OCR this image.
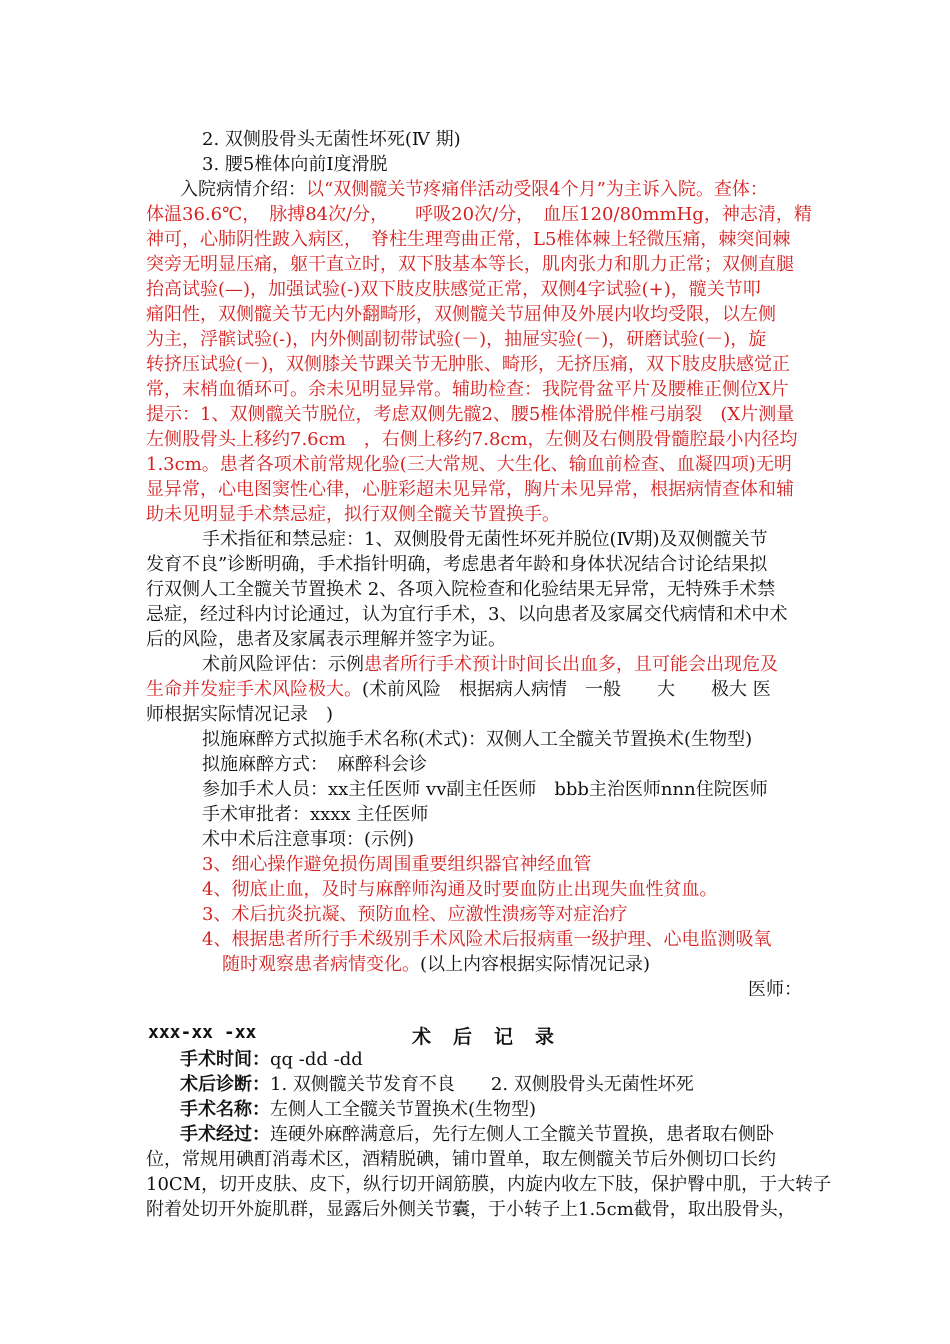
2. 双侧股骨头无菌性坏死(Ⅳ 期)
3. 腰5椎体向前Ⅰ度滑脱
入院病情介绍：以“双侧髋关节疼痛伴活动受限4个月”为主诉入院。查体：
体温36.6℃，　脉搏84次/分，　　呼吸20次/分，　血压120/80mmHg，神志清，精
神可，心肺阴性跛入病区，　脊柱生理弯曲正常，L5椎体棘上轻微压痛，棘突间棘
突旁无明显压痛，躯干直立时，双下肢基本等长，肌肉张力和肌力正常；双侧直腿
抬高试验(—)，加强试验(-)双下肢皮肤感觉正常，双侧4字试验(+)，髋关节叩
痛阳性，双侧髋关节无内外翻畸形，双侧髋关节屈伸及外展内收均受限，以左侧
为主，浮髌试验(-)，内外侧副韧带试验(－)，抽屉实验(－)，研磨试验(－)，旋
转挤压试验(－)，双侧膝关节踝关节无肿胀、畸形，无挤压痛，双下肢皮肤感觉正
常，末梢血循环可。余未见明显异常。辅助检查：我院骨盆平片及腰椎正侧位X片
提示：1、双侧髋关节脱位，考虑双侧先髋2、腰5椎体滑脱伴椎弓崩裂　(X片测量
左侧股骨头上移约7.6cm　，右侧上移约7.8cm，左侧及右侧股骨髓腔最小内径均
1.3cm。患者各项术前常规化验(三大常规、大生化、输血前检查、血凝四项)无明
显异常，心电图窦性心律，心脏彩超未见异常，胸片未见异常，根据病情查体和辅
助未见明显手术禁忌症，拟行双侧全髋关节置换手。
手术指征和禁忌症：1、双侧股骨无菌性坏死并脱位(Ⅳ期)及双侧髋关节
发育不良”诊断明确，手术指针明确，考虑患者年龄和身体状况结合讨论结果拟
行双侧人工全髋关节置换术 2、各项入院检查和化验结果无异常，无特殊手术禁
忌症，经过科内讨论通过，认为宜行手术，3、以向患者及家属交代病情和术中术
后的风险，患者及家属表示理解并签字为证。
术前风险评估：示例患者所行手术预计时间长出血多，且可能会出现危及
生命并发症手术风险极大。(术前风险　根据病人病情　一般　　大　　极大 医
师根据实际情况记录　)
拟施麻醉方式拟施手术名称(术式)：双侧人工全髋关节置换术(生物型)
拟施麻醉方式：　麻醉科会诊
参加手术人员：xx主任医师 vv副主任医师　bbb主治医师nnn住院医师
手术审批者：xxxx 主任医师
术中术后注意事项：(示例)
3、细心操作避免损伤周围重要组织器官神经血管
4、彻底止血，及时与麻醉师沟通及时要血防止出现失血性贫血。
3、术后抗炎抗凝、预防血栓、应激性溃疡等对症治疗
4、根据患者所行手术级别手术风险术后报病重一级护理、心电监测吸氧
随时观察患者病情变化。(以上内容根据实际情况记录)
医师：
xxx-xx -xx	术后记录
手术时间：qq -dd -dd
术后诊断：1. 双侧髋关节发育不良　　2. 双侧股骨头无菌性坏死
手术名称：左侧人工全髋关节置换术(生物型)
手术经过：连硬外麻醉满意后，先行左侧人工全髋关节置换，患者取右侧卧
位，常规用碘酊消毒术区，酒精脱碘，铺巾置单，取左侧髋关节后外侧切口长约
10CM，切开皮肤、皮下，纵行切开阔筋膜，内旋内收左下肢，保护臀中肌，于大转子
附着处切开外旋肌群，显露后外侧关节囊，于小转子上1.5cm截骨，取出股骨头，
